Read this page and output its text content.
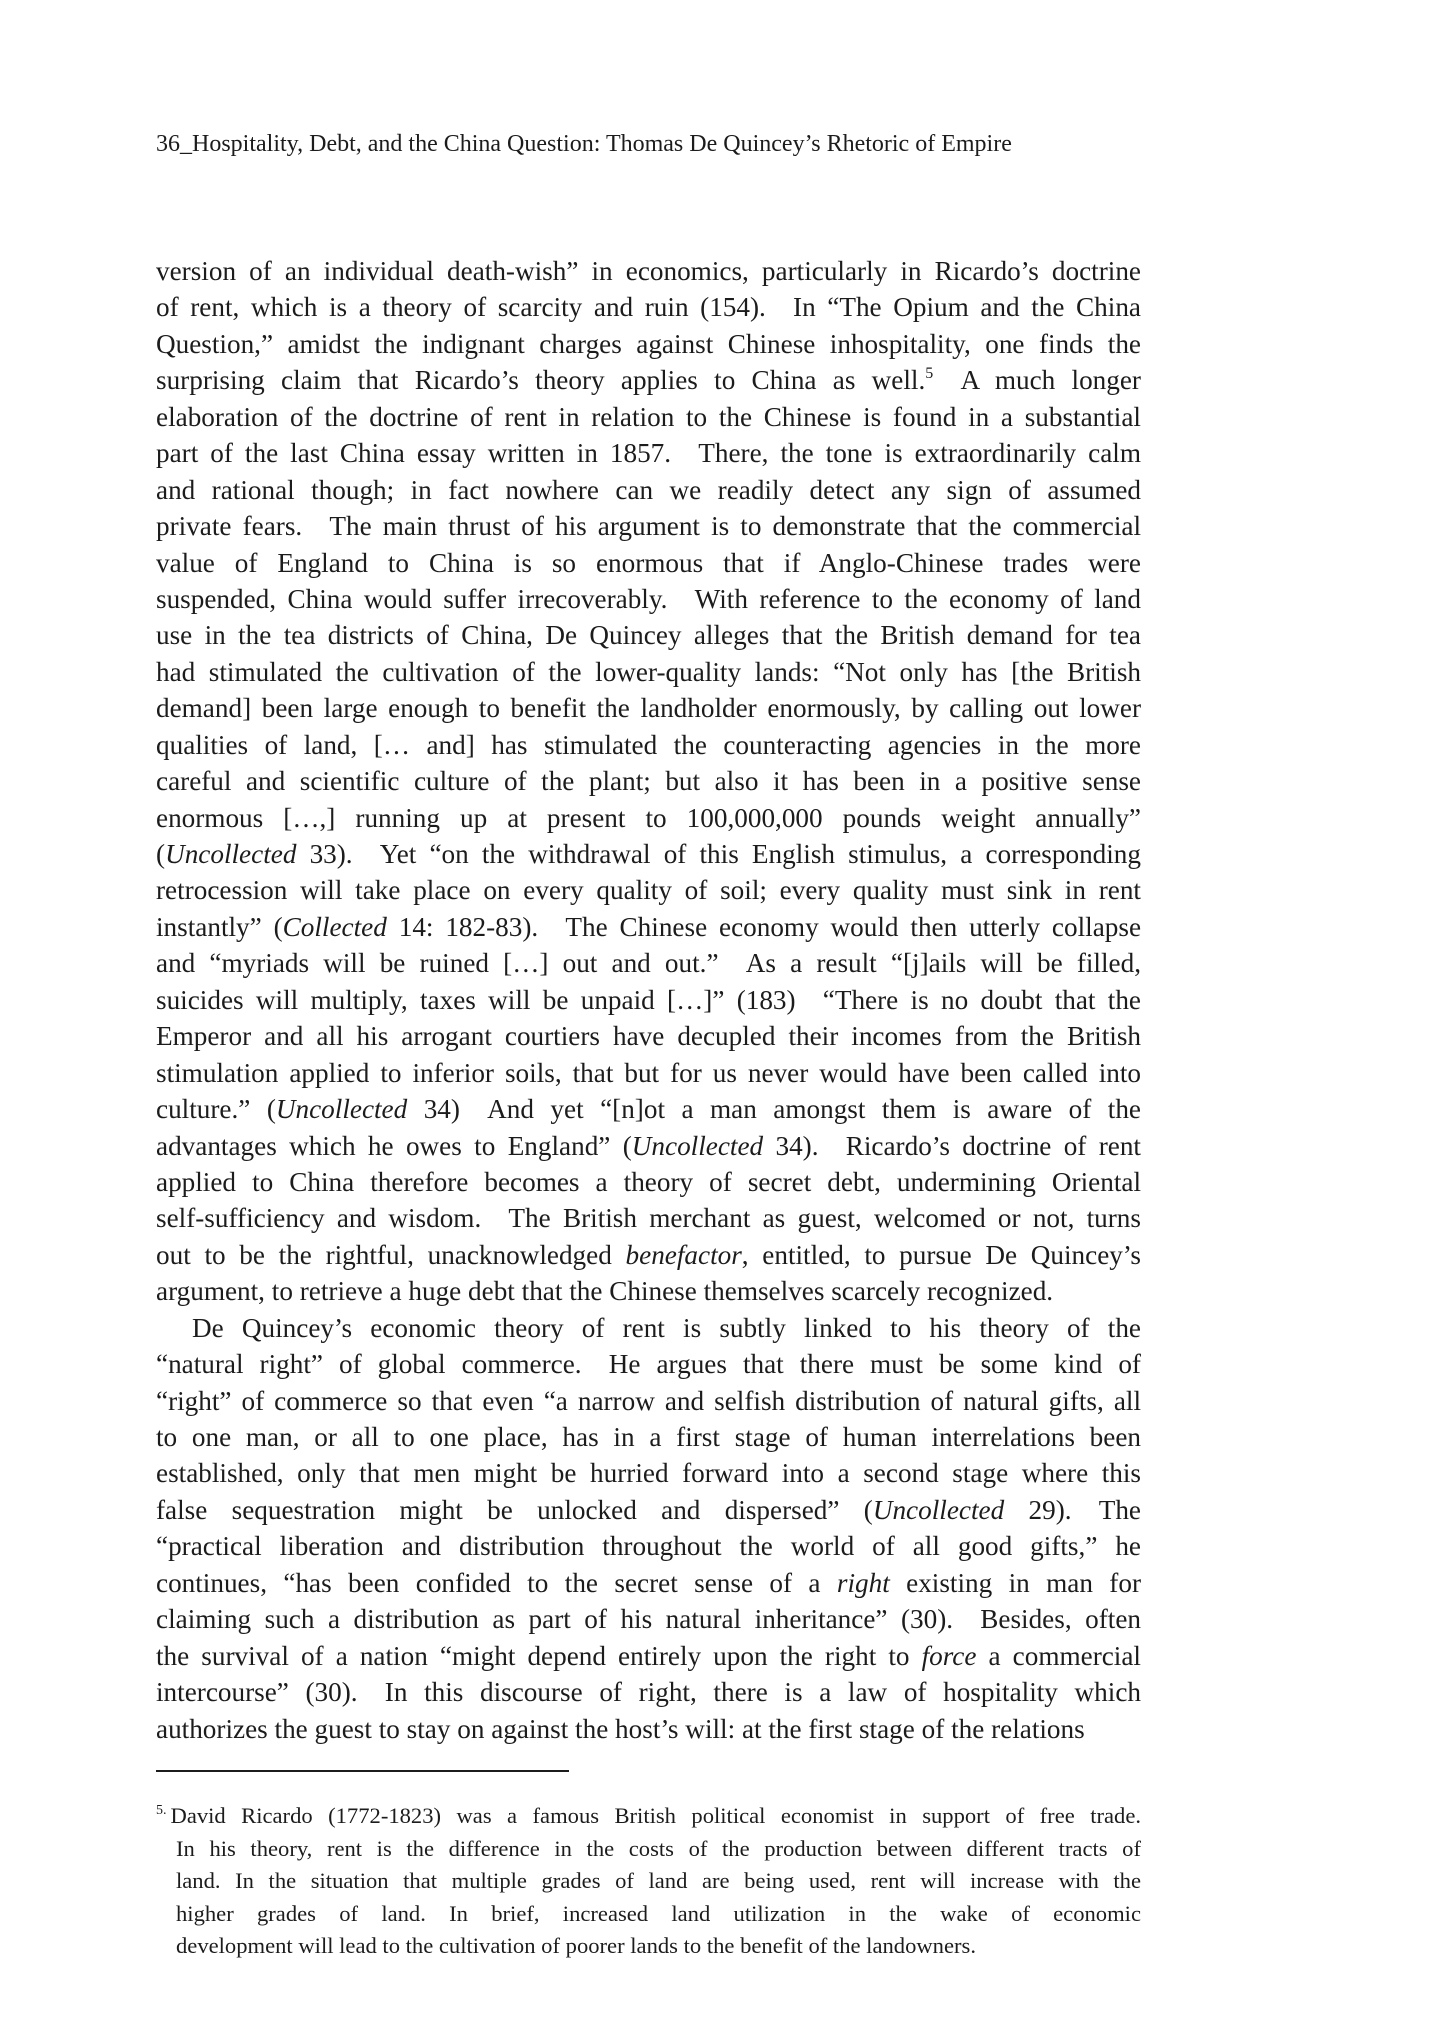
36_Hospitality, Debt, and the China Question: Thomas De Quincey’s Rhetoric of Empire
version of an individual death-wish” in economics, particularly in Ricardo’s doctrine
of rent, which is a theory of scarcity and ruin (154). In “The Opium and the China
Question,” amidst the indignant charges against Chinese inhospitality, one finds the
surprising claim that Ricardo’s theory applies to China as well.$^5$ A much longer
elaboration of the doctrine of rent in relation to the Chinese is found in a substantial
part of the last China essay written in 1857. There, the tone is extraordinarily calm
and rational though; in fact nowhere can we readily detect any sign of assumed
private fears. The main thrust of his argument is to demonstrate that the commercial
value of England to China is so enormous that if Anglo-Chinese trades were
suspended, China would suffer irrecoverably. With reference to the economy of land
use in the tea districts of China, De Quincey alleges that the British demand for tea
had stimulated the cultivation of the lower-quality lands: “Not only has [the British
demand] been large enough to benefit the landholder enormously, by calling out lower
qualities of land, [… and] has stimulated the counteracting agencies in the more
careful and scientific culture of the plant; but also it has been in a positive sense
enormous […,] running up at present to 100,000,000 pounds weight annually”
(Uncollected 33). Yet “on the withdrawal of this English stimulus, a corresponding
retrocession will take place on every quality of soil; every quality must sink in rent
instantly” (Collected 14: 182-83). The Chinese economy would then utterly collapse
and “myriads will be ruined […] out and out.” As a result “[j]ails will be filled,
suicides will multiply, taxes will be unpaid […]” (183) “There is no doubt that the
Emperor and all his arrogant courtiers have decupled their incomes from the British
stimulation applied to inferior soils, that but for us never would have been called into
culture.” (Uncollected 34) And yet “[n]ot a man amongst them is aware of the
advantages which he owes to England” (Uncollected 34). Ricardo’s doctrine of rent
applied to China therefore becomes a theory of secret debt, undermining Oriental
self-sufficiency and wisdom. The British merchant as guest, welcomed or not, turns
out to be the rightful, unacknowledged benefactor, entitled, to pursue De Quincey’s
argument, to retrieve a huge debt that the Chinese themselves scarcely recognized.
De Quincey’s economic theory of rent is subtly linked to his theory of the
“natural right” of global commerce. He argues that there must be some kind of
“right” of commerce so that even “a narrow and selfish distribution of natural gifts, all
to one man, or all to one place, has in a first stage of human interrelations been
established, only that men might be hurried forward into a second stage where this
false sequestration might be unlocked and dispersed” (Uncollected 29). The
“practical liberation and distribution throughout the world of all good gifts,” he
continues, “has been confided to the secret sense of a right existing in man for
claiming such a distribution as part of his natural inheritance” (30). Besides, often
the survival of a nation “might depend entirely upon the right to force a commercial
intercourse” (30). In this discourse of right, there is a law of hospitality which
authorizes the guest to stay on against the host’s will: at the first stage of the relations
$^{5.}$ David Ricardo (1772-1823) was a famous British political economist in support of free trade.
In his theory, rent is the difference in the costs of the production between different tracts of
land. In the situation that multiple grades of land are being used, rent will increase with the
higher grades of land. In brief, increased land utilization in the wake of economic
development will lead to the cultivation of poorer lands to the benefit of the landowners.
